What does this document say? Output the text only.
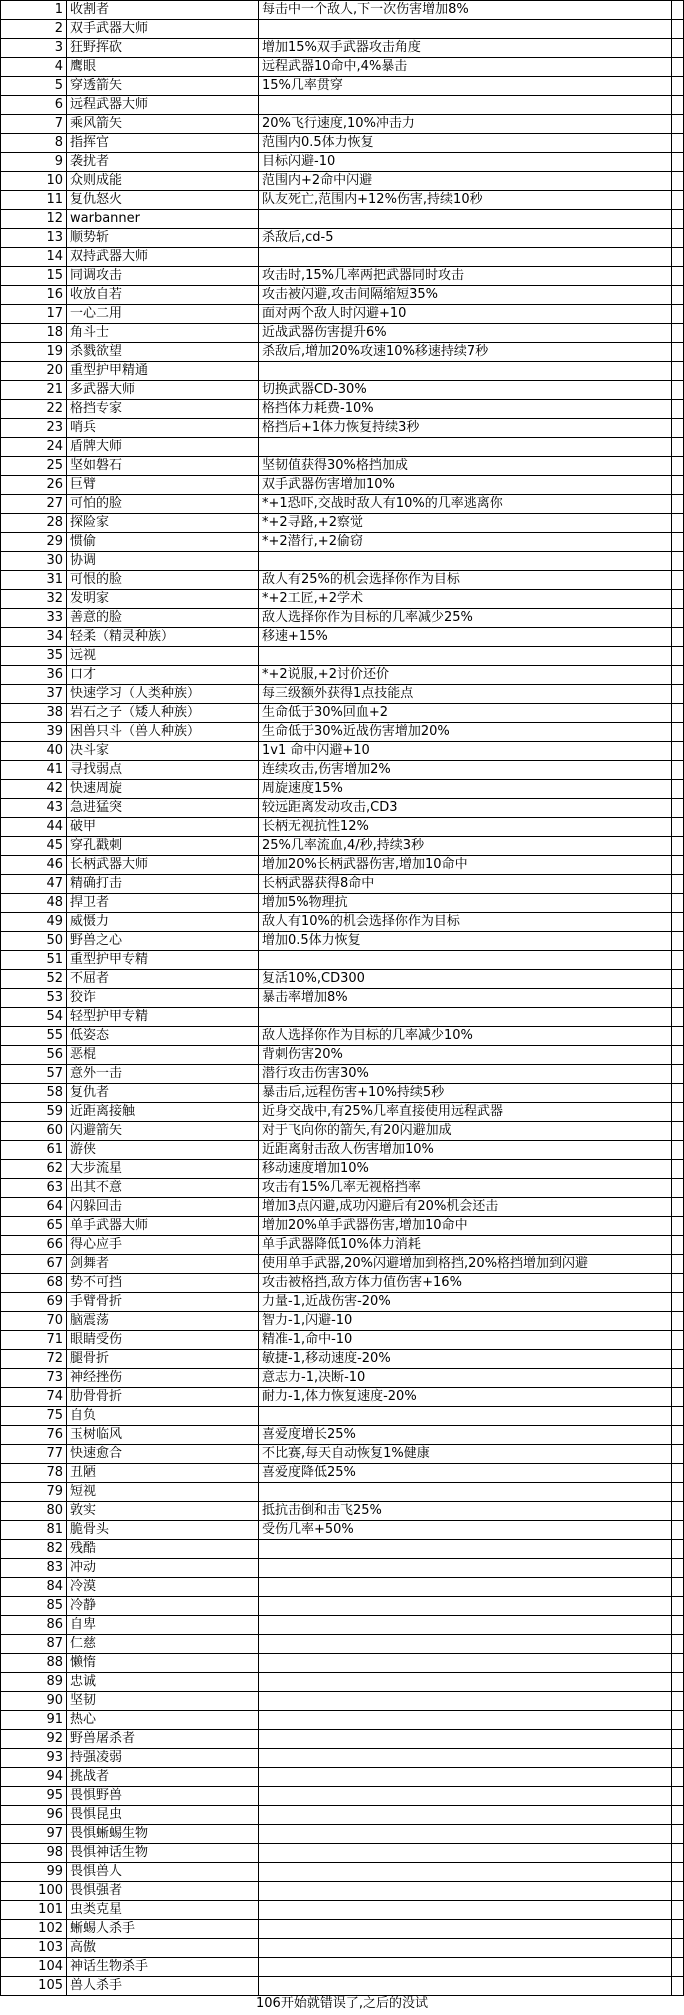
1	收割者	每击中一个敌人,下一次伤害增加8%	
2	双手武器大师		
3	狂野挥砍	增加15%双手武器攻击角度	
4	鹰眼	远程武器10命中,4%暴击	
5	穿透箭矢	15%几率贯穿	
6	远程武器大师		
7	乘风箭矢	20%飞行速度,10%冲击力	
8	指挥官	范围内0.5体力恢复	
9	袭扰者	目标闪避-10	
10	众则成能	范围内+2命中闪避	
11	复仇怒火	队友死亡,范围内+12%伤害,持续10秒	
12	warbanner		
13	顺势斩	杀敌后,cd-5	
14	双持武器大师		
15	同调攻击	攻击时,15%几率两把武器同时攻击	
16	收放自若	攻击被闪避,攻击间隔缩短35%	
17	一心二用	面对两个敌人时闪避+10	
18	角斗士	近战武器伤害提升6%	
19	杀戮欲望	杀敌后,增加20%攻速10%移速持续7秒	
20	重型护甲精通		
21	多武器大师	切换武器CD-30%	
22	格挡专家	格挡体力耗费-10%	
23	哨兵	格挡后+1体力恢复持续3秒	
24	盾牌大师		
25	坚如磐石	坚韧值获得30%格挡加成	
26	巨臂	双手武器伤害增加10%	
27	可怕的脸	*+1恐吓,交战时敌人有10%的几率逃离你	
28	探险家	*+2寻路,+2察觉	
29	惯偷	*+2潜行,+2偷窃	
30	协调		
31	可恨的脸	敌人有25%的机会选择你作为目标	
32	发明家	*+2工匠,+2学术	
33	善意的脸	敌人选择你作为目标的几率减少25%	
34	轻柔（精灵种族）	移速+15%	
35	远视		
36	口才	*+2说服,+2讨价还价	
37	快速学习（人类种族）	每三级额外获得1点技能点	
38	岩石之子（矮人种族）	生命低于30%回血+2	
39	困兽只斗（兽人种族）	生命低于30%近战伤害增加20%	
40	决斗家	1v1 命中闪避+10	
41	寻找弱点	连续攻击,伤害增加2%	
42	快速周旋	周旋速度15%	
43	急进猛突	较远距离发动攻击,CD3	
44	破甲	长柄无视抗性12%	
45	穿孔戳刺	25%几率流血,4/秒,持续3秒	
46	长柄武器大师	增加20%长柄武器伤害,增加10命中	
47	精确打击	长柄武器获得8命中	
48	捍卫者	增加5%物理抗	
49	威慑力	敌人有10%的机会选择你作为目标	
50	野兽之心	增加0.5体力恢复	
51	重型护甲专精		
52	不屈者	复活10%,CD300	
53	狡诈	暴击率增加8%	
54	轻型护甲专精		
55	低姿态	敌人选择你作为目标的几率减少10%	
56	恶棍	背刺伤害20%	
57	意外一击	潜行攻击伤害30%	
58	复仇者	暴击后,远程伤害+10%持续5秒	
59	近距离接触	近身交战中,有25%几率直接使用远程武器	
60	闪避箭矢	对于飞向你的箭矢,有20闪避加成	
61	游侠	近距离射击敌人伤害增加10%	
62	大步流星	移动速度增加10%	
63	出其不意	攻击有15%几率无视格挡率	
64	闪躲回击	增加3点闪避,成功闪避后有20%机会还击	
65	单手武器大师	增加20%单手武器伤害,增加10命中	
66	得心应手	单手武器降低10%体力消耗	
67	剑舞者	使用单手武器,20%闪避增加到格挡,20%格挡增加到闪避	
68	势不可挡	攻击被格挡,敌方体力值伤害+16%	
69	手臂骨折	力量-1,近战伤害-20%	
70	脑震荡	智力-1,闪避-10	
71	眼睛受伤	精准-1,命中-10	
72	腿骨折	敏捷-1,移动速度-20%	
73	神经挫伤	意志力-1,决断-10	
74	肋骨骨折	耐力-1,体力恢复速度-20%	
75	自负		
76	玉树临风	喜爱度增长25%	
77	快速愈合	不比赛,每天自动恢复1%健康	
78	丑陋	喜爱度降低25%	
79	短视		
80	敦实	抵抗击倒和击飞25%	
81	脆骨头	受伤几率+50%	
82	残酷		
83	冲动		
84	冷漠		
85	冷静		
86	自卑		
87	仁慈		
88	懒惰		
89	忠诚		
90	坚韧		
91	热心		
92	野兽屠杀者		
93	持强凌弱		
94	挑战者		
95	畏惧野兽		
96	畏惧昆虫		
97	畏惧蜥蜴生物		
98	畏惧神话生物		
99	畏惧兽人		
100	畏惧强者		
101	虫类克星		
102	蜥蜴人杀手		
103	高傲		
104	神话生物杀手		
105	兽人杀手		
106开始就错误了,之后的没试
